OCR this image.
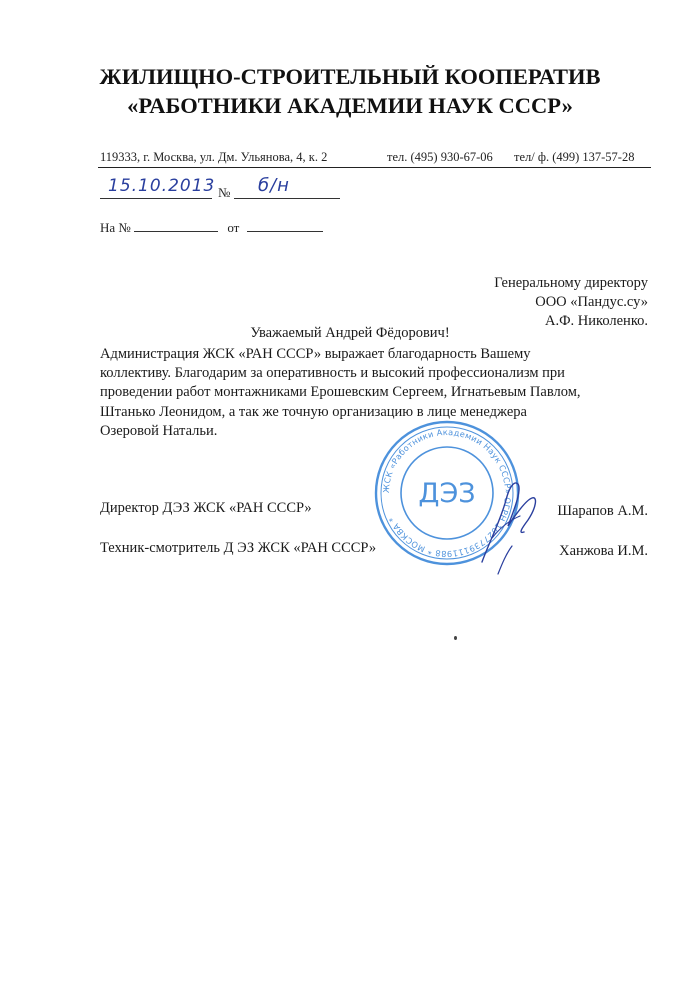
ЖИЛИЩНО-СТРОИТЕЛЬНЫЙ КООПЕРАТИВ
«РАБОТНИКИ АКАДЕМИИ НАУК СССР»
119333, г. Москва, ул. Дм. Ульянова, 4, к. 2	тел. (495) 930-67-06 тел/ ф. (499) 137-57-28
15.10.2013 № б/н
На №	от
Генеральному директору
ООО «Пандус.су»
А.Ф. Николенко.
Уважаемый Андрей Фёдорович!
Администрация ЖСК «РАН СССР» выражает благодарность Вашему
коллективу. Благодарим за оперативность и высокий профессионализм при
проведении работ монтажниками Ерошевским Сергеем, Игнатьевым Павлом,
Штанько Леонидом, а так же точную организацию в лице менеджера
Озеровой Натальи.
ЖСК «Работники Академии Наук СССР» ОГРН 1027739111988 * МОСКВА *
ДЭЗ
Директор ДЭЗ ЖСК «РАН СССР»	Шарапов А.М.
Техник-смотритель Д ЭЗ ЖСК «РАН СССР»	Ханжова И.М.
